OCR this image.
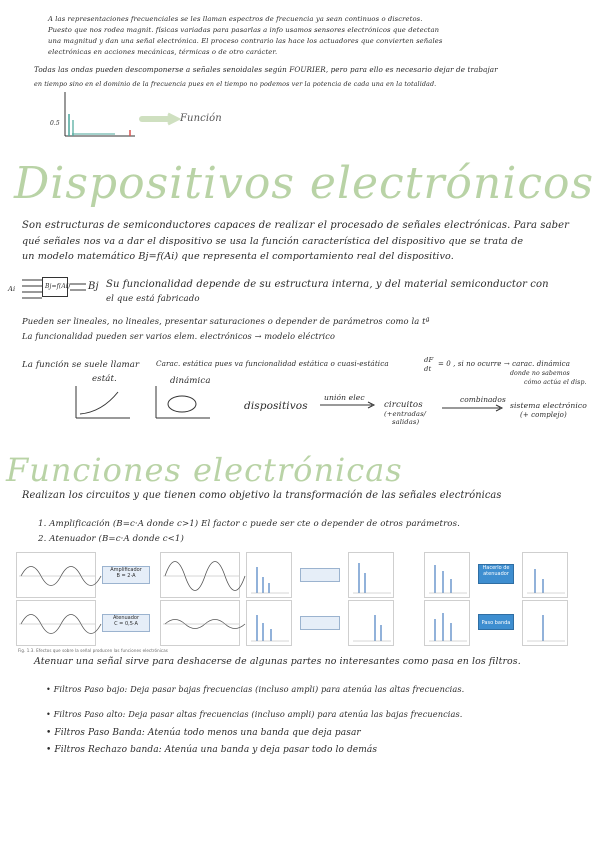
A las representaciones frecuenciales se les llaman espectros de frecuencia ya sean continuos o discretos.
Puesto que nos rodea magnit. físicas variadas para pasarlas a info usamos sensores electrónicos que detectan
una magnitud y dan una señal electrónica. El proceso contrario las hace los actuadores que convierten señales
electrónicas en acciones mecánicas, térmicas o de otro carácter.
Todas las ondas pueden descomponerse a señales senoidales según FOURIER, pero para ello es necesario dejar de trabajar
en tiempo sino en el dominio de la frecuencia pues en el tiempo no podemos ver la potencia de cada una en la totalidad.
0.5	Función
Dispositivos electrónicos
Son estructuras de semiconductores capaces de realizar el procesado de señales electrónicas. Para saber
qué señales nos va a dar el dispositivo se usa la función característica del dispositivo que se trata de
un modelo matemático Bj=f(Ai) que representa el comportamiento real del dispositivo.
Ai	Bj=f(Ai) Bj Su funcionalidad depende de su estructura interna, y del material semiconductor con
el que está fabricado
Pueden ser lineales, no lineales, presentar saturaciones o depender de parámetros como la tª
La funcionalidad pueden ser varios elem. electrónicos → modelo eléctrico
La función se suele llamar Carac. estática pues va funcionalidad estática o cuasi-estática	dF
dt
= 0 , si no ocurre → carac. dinámica
donde no sabemos
cómo actúa el disp.
estát.	dinámica
dispositivos
unión elec
circuitos
(+entradas/
salidas)
combinados
sistema electrónico
(+ complejo)
Funciones electrónicas
Realizan los circuitos y que tienen como objetivo la transformación de las señales electrónicas
1. Amplificación (B=c·A donde c>1) El factor c puede ser cte o depender de otros parámetros.
2. Atenuador (B=c·A donde c<1)
Amplificador
B = 2·A
Hacerlo de atenuador
Atenuador
C = 0,5·A	Paso banda
Fig. 1.3. Efectos que sobre la señal producen las funciones electrónicas
Atenuar una señal sirve para deshacerse de algunas partes no interesantes como pasa en los filtros.
• Filtros Paso bajo: Deja pasar bajas frecuencias (incluso ampli) para atenúa las altas frecuencias.
• Filtros Paso alto: Deja pasar altas frecuencias (incluso ampli) para atenúa las bajas frecuencias.
• Filtros Paso Banda: Atenúa todo menos una banda que deja pasar
• Filtros Rechazo banda: Atenúa una banda y deja pasar todo lo demás
